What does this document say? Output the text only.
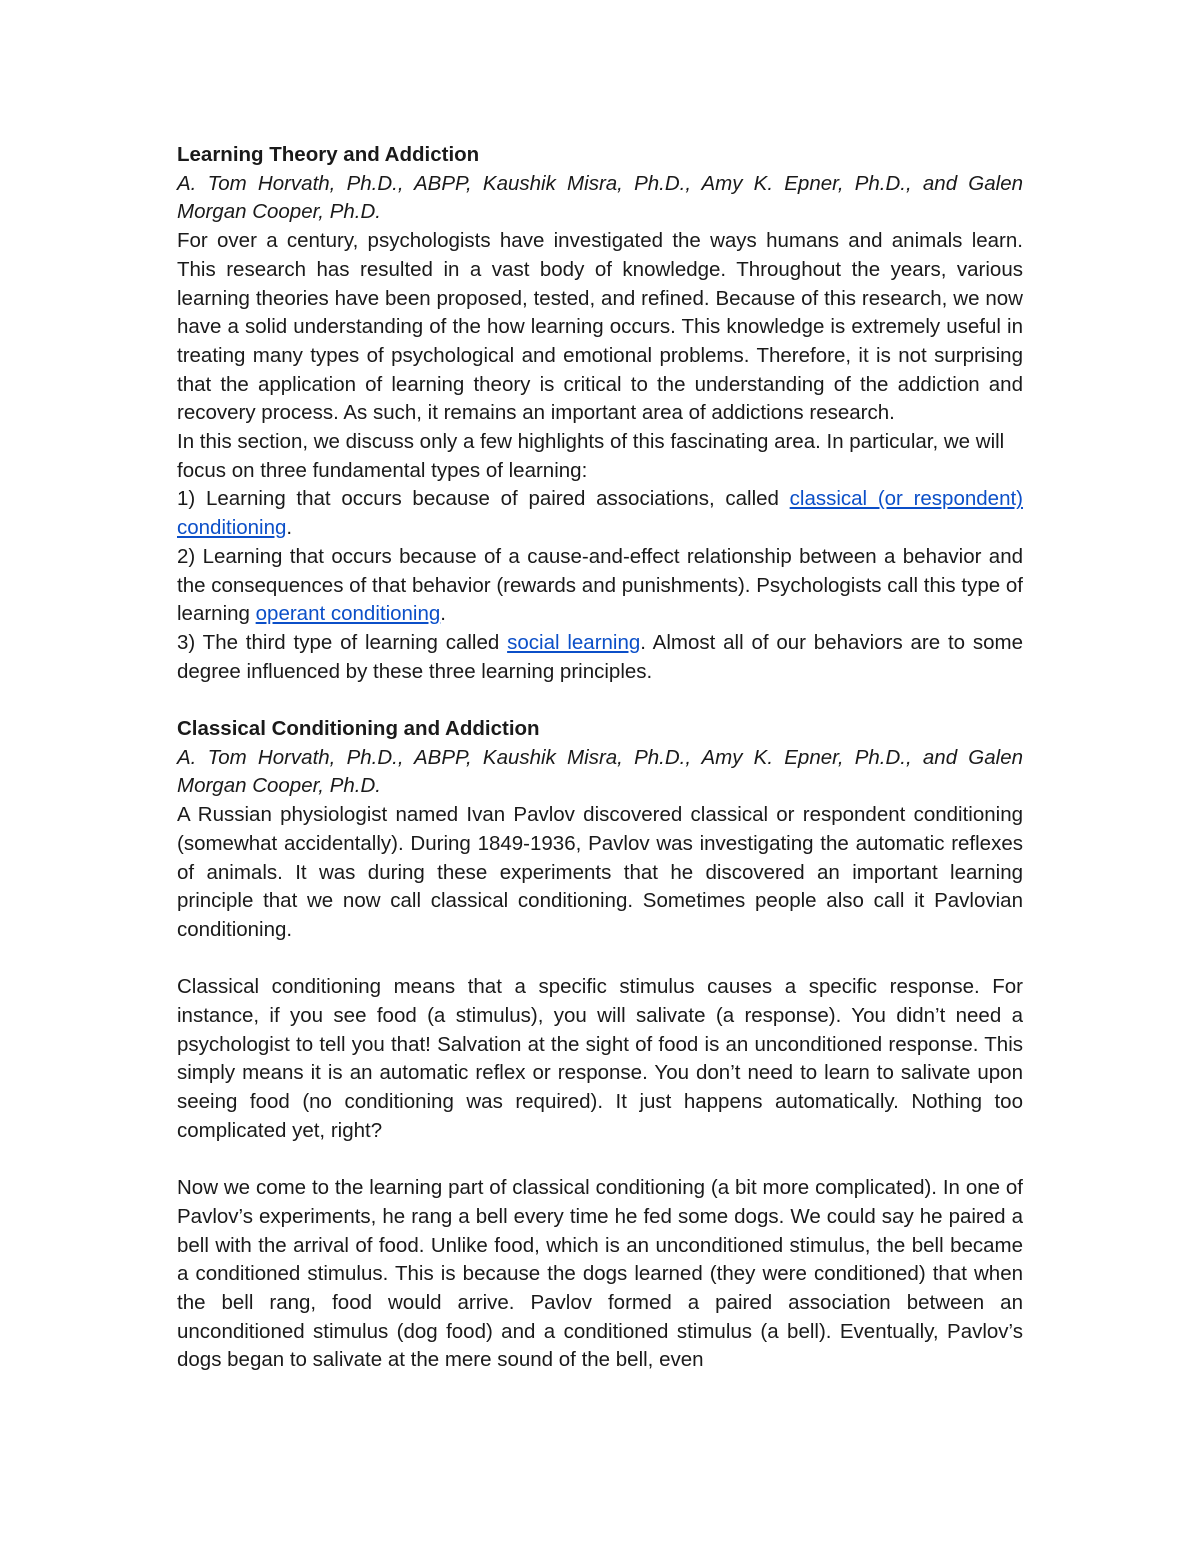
Learning Theory and Addiction

A. Tom Horvath, Ph.D., ABPP, Kaushik Misra, Ph.D., Amy K. Epner, Ph.D., and Galen Morgan Cooper, Ph.D.

For over a century, psychologists have investigated the ways humans and animals learn. This research has resulted in a vast body of knowledge. Throughout the years, various learning theories have been proposed, tested, and refined. Because of this research, we now have a solid understanding of the how learning occurs. This knowledge is extremely useful in treating many types of psychological and emotional problems. Therefore, it is not surprising that the application of learning theory is critical to the understanding of the addiction and recovery process. As such, it remains an important area of addictions research.

In this section, we discuss only a few highlights of this fascinating area. In particular, we will focus on three fundamental types of learning:

1) Learning that occurs because of paired associations, called classical (or respondent) conditioning.

2) Learning that occurs because of a cause-and-effect relationship between a behavior and the consequences of that behavior (rewards and punishments). Psychologists call this type of learning operant conditioning.

3) The third type of learning called social learning. Almost all of our behaviors are to some degree influenced by these three learning principles.

Classical Conditioning and Addiction

A. Tom Horvath, Ph.D., ABPP, Kaushik Misra, Ph.D., Amy K. Epner, Ph.D., and Galen Morgan Cooper, Ph.D.

A Russian physiologist named Ivan Pavlov discovered classical or respondent conditioning (somewhat accidentally). During 1849-1936, Pavlov was investigating the automatic reflexes of animals. It was during these experiments that he discovered an important learning principle that we now call classical conditioning. Sometimes people also call it Pavlovian conditioning.

Classical conditioning means that a specific stimulus causes a specific response. For instance, if you see food (a stimulus), you will salivate (a response). You didn’t need a psychologist to tell you that! Salvation at the sight of food is an unconditioned response. This simply means it is an automatic reflex or response. You don’t need to learn to salivate upon seeing food (no conditioning was required). It just happens automatically. Nothing too complicated yet, right?

Now we come to the learning part of classical conditioning (a bit more complicated). In one of Pavlov’s experiments, he rang a bell every time he fed some dogs. We could say he paired a bell with the arrival of food. Unlike food, which is an unconditioned stimulus, the bell became a conditioned stimulus. This is because the dogs learned (they were conditioned) that when the bell rang, food would arrive. Pavlov formed a paired association between an unconditioned stimulus (dog food) and a conditioned stimulus (a bell). Eventually, Pavlov’s dogs began to salivate at the mere sound of the bell, even
